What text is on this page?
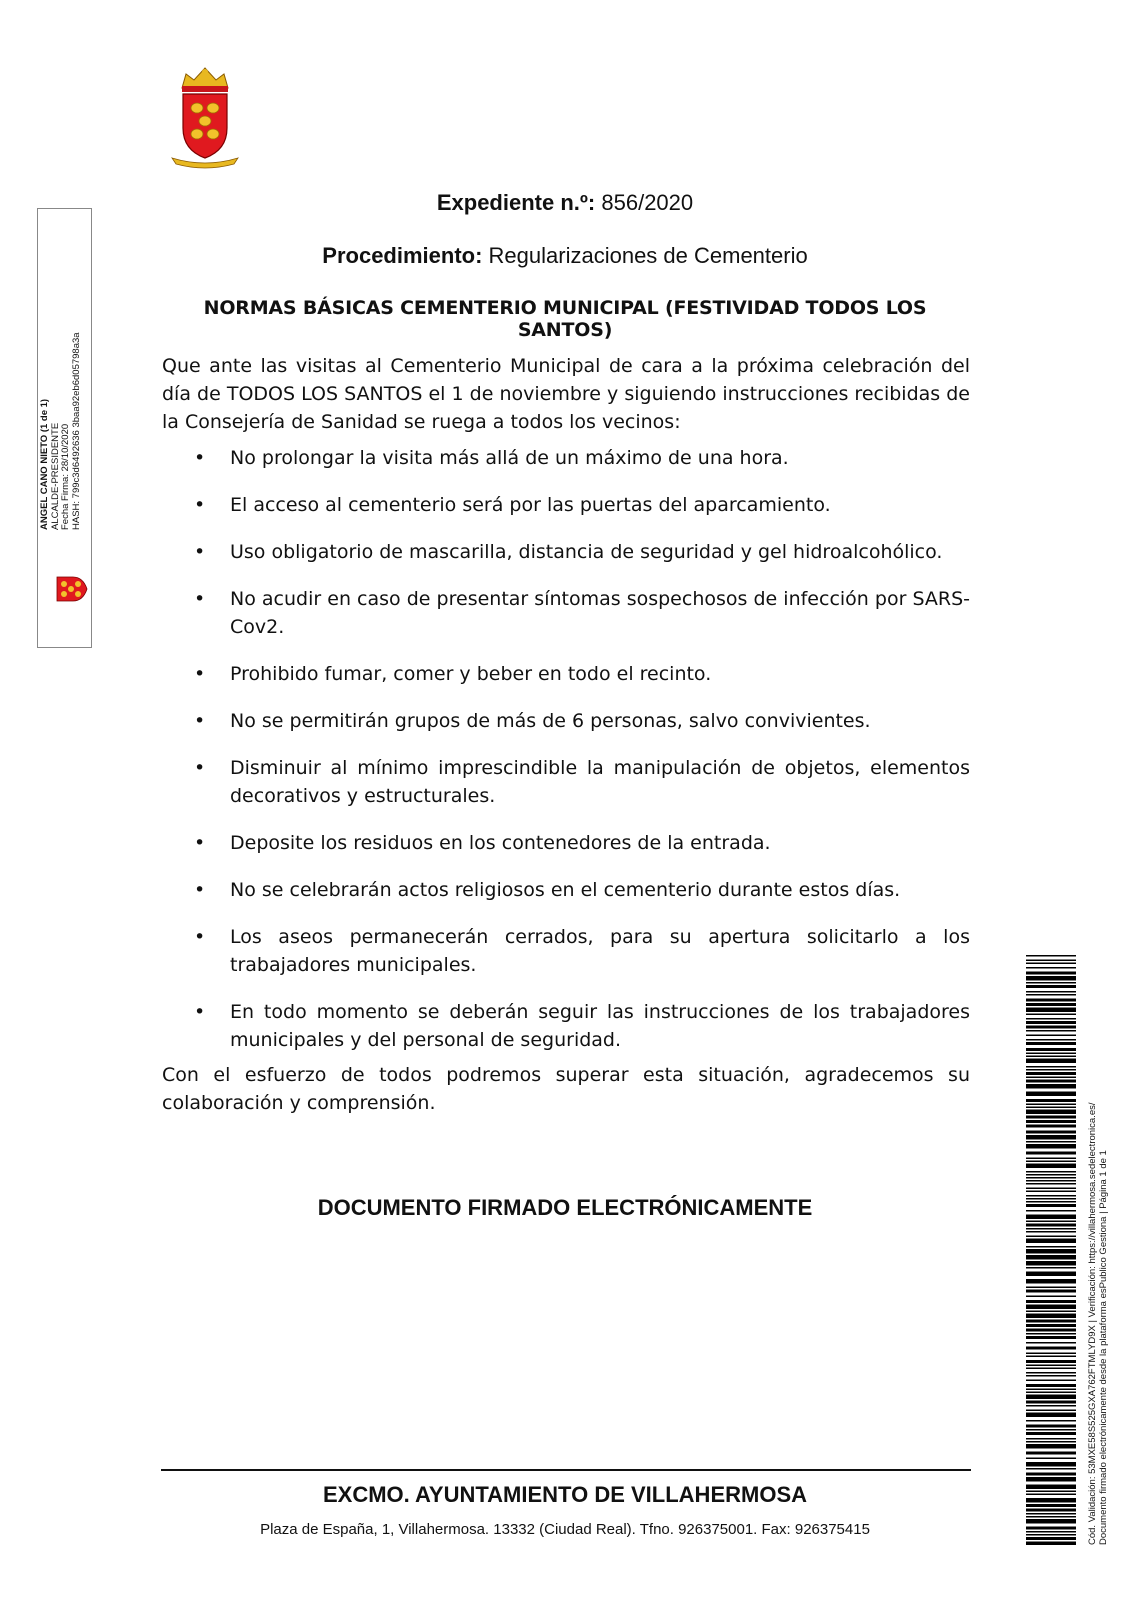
Expediente n.º: 856/2020
Procedimiento: Regularizaciones de Cementerio
NORMAS BÁSICAS CEMENTERIO MUNICIPAL (FESTIVIDAD TODOS LOS SANTOS)
Que ante las visitas al Cementerio Municipal de cara a la próxima celebración del día de TODOS LOS SANTOS el 1 de noviembre y siguiendo instrucciones recibidas de la Consejería de Sanidad se ruega a todos los vecinos:
• No prolongar la visita más allá de un máximo de una hora.
• El acceso al cementerio será por las puertas del aparcamiento.
• Uso obligatorio de mascarilla, distancia de seguridad y gel hidroalcohólico.
• No acudir en caso de presentar síntomas sospechosos de infección por SARS-Cov2.
• Prohibido fumar, comer y beber en todo el recinto.
• No se permitirán grupos de más de 6 personas, salvo convivientes.
• Disminuir al mínimo imprescindible la manipulación de objetos, elementos decorativos y estructurales.
• Deposite los residuos en los contenedores de la entrada.
• No se celebrarán actos religiosos en el cementerio durante estos días.
• Los aseos permanecerán cerrados, para su apertura solicitarlo a los trabajadores municipales.
• En todo momento se deberán seguir las instrucciones de los trabajadores municipales y del personal de seguridad.
Con el esfuerzo de todos podremos superar esta situación, agradecemos su colaboración y comprensión.
DOCUMENTO FIRMADO ELECTRÓNICAMENTE
EXCMO. AYUNTAMIENTO DE VILLAHERMOSA
Plaza de España, 1, Villahermosa. 13332 (Ciudad Real). Tfno. 926375001. Fax: 926375415
ANGEL CANO NIETO (1 de 1) ALCALDE-PRESIDENTE Fecha Firma: 28/10/2020 HASH: 799c3d6492636 3baa92eb6d05798a3a
Cód. Validación: 53MXE58S525GXA762FTMLYD9X | Verificación: https://villahermosa.sedelectronica.es/ Documento firmado electrónicamente desde la plataforma esPublico Gestiona | Página 1 de 1
